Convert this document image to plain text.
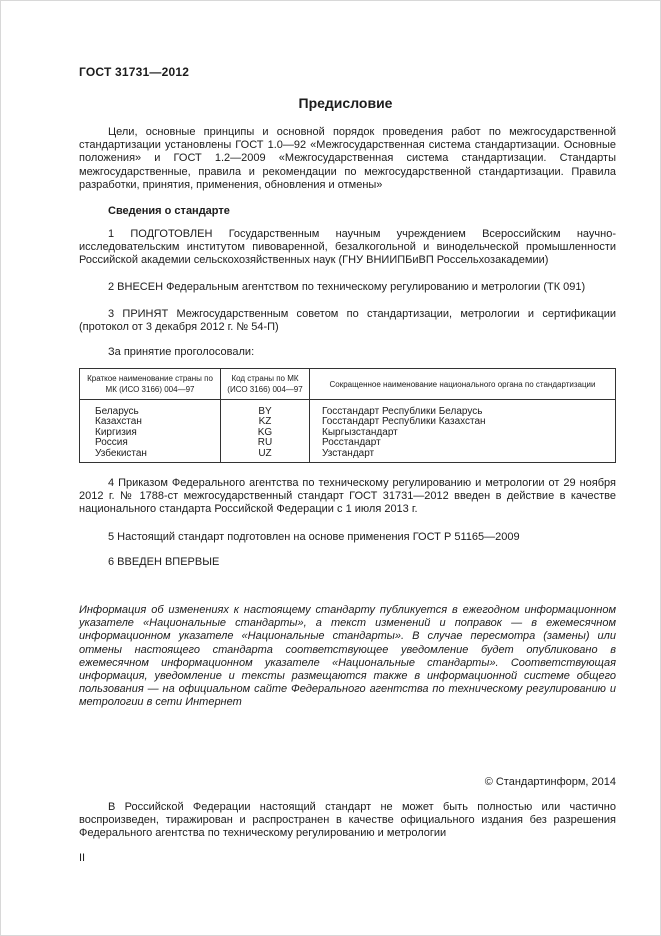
ГОСТ 31731—2012
Предисловие
Цели, основные принципы и основной порядок проведения работ по межгосударственной стандартизации установлены ГОСТ 1.0—92 «Межгосударственная система стандартизации. Основные положения» и ГОСТ 1.2—2009 «Межгосударственная система стандартизации. Стандарты межгосударственные, правила и рекомендации по межгосударственной стандартизации. Правила разработки, принятия, применения, обновления и отмены»
Сведения о стандарте
1 ПОДГОТОВЛЕН Государственным научным учреждением Всероссийским научно-исследовательским институтом пивоваренной, безалкогольной и винодельческой промышленности Российской академии сельскохозяйственных наук (ГНУ ВНИИПБиВП Россельхозакадемии)
2 ВНЕСЕН Федеральным агентством по техническому регулированию и метрологии (ТК 091)
3 ПРИНЯТ Межгосударственным советом по стандартизации, метрологии и сертификации (протокол от 3 декабря 2012 г. № 54-П)
За принятие проголосовали:
Краткое наименование страны по МК (ИСО 3166) 004—97	Код страны по МК (ИСО 3166) 004—97	Сокращенное наименование национального органа по стандартизации
Беларусь	BY	Госстандарт Республики Беларусь
Казахстан	KZ	Госстандарт Республики Казахстан
Киргизия	KG	Кыргызстандарт
Россия	RU	Росстандарт
Узбекистан	UZ	Узстандарт
4 Приказом Федерального агентства по техническому регулированию и метрологии от 29 ноября 2012 г. № 1788-ст межгосударственный стандарт ГОСТ 31731—2012 введен в действие в качестве национального стандарта Российской Федерации с 1 июля 2013 г.
5 Настоящий стандарт подготовлен на основе применения ГОСТ Р 51165—2009
6 ВВЕДЕН ВПЕРВЫЕ
Информация об изменениях к настоящему стандарту публикуется в ежегодном информационном указателе «Национальные стандарты», а текст изменений и поправок — в ежемесячном информационном указателе «Национальные стандарты». В случае пересмотра (замены) или отмены настоящего стандарта соответствующее уведомление будет опубликовано в ежемесячном информационном указателе «Национальные стандарты». Соответствующая информация, уведомление и тексты размещаются также в информационной системе общего пользования — на официальном сайте Федерального агентства по техническому регулированию и метрологии в сети Интернет
© Стандартинформ, 2014
В Российской Федерации настоящий стандарт не может быть полностью или частично воспроизведен, тиражирован и распространен в качестве официального издания без разрешения Федерального агентства по техническому регулированию и метрологии
II
